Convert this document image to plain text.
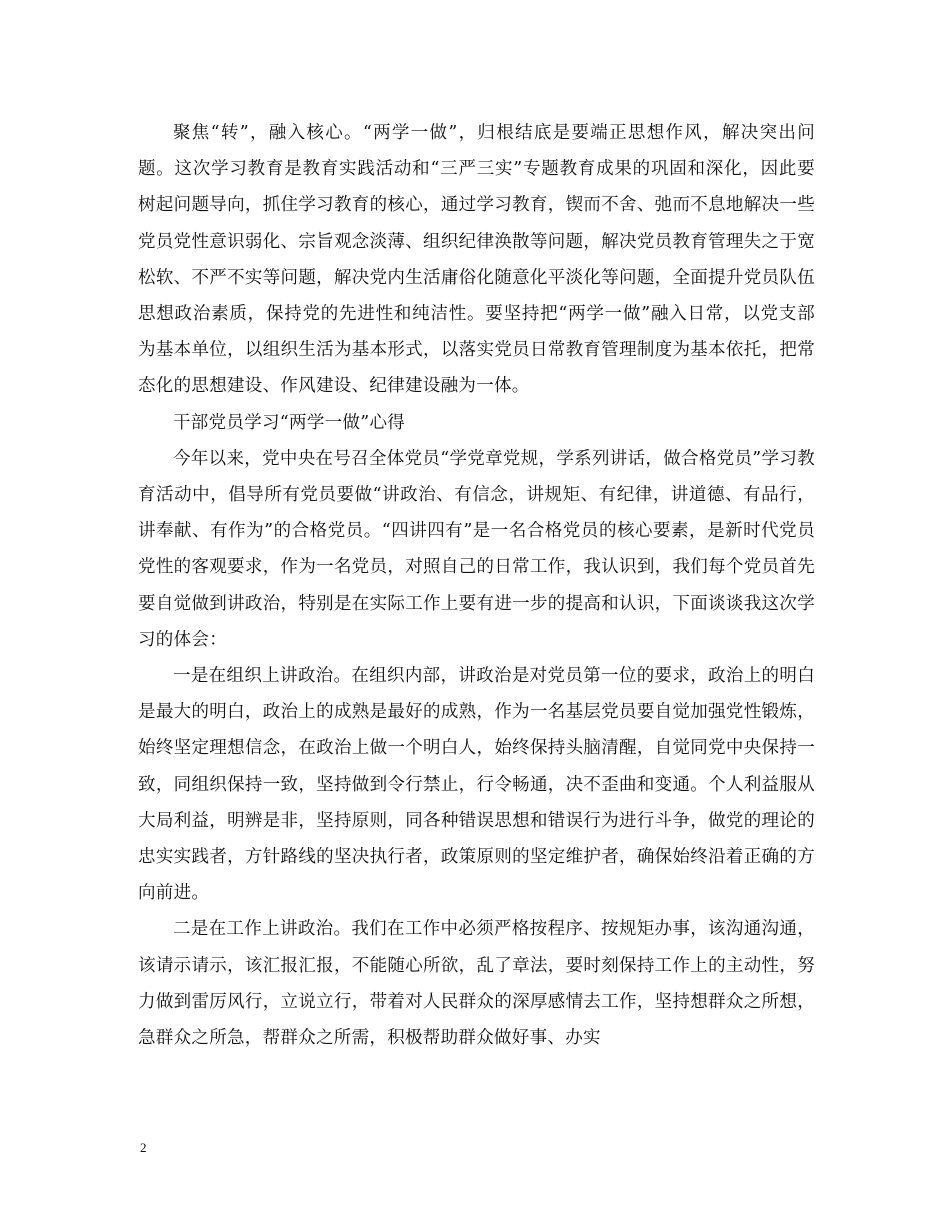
聚焦“转”，融入核心。“两学一做”，归根结底是要端正思想作风，解决突出问题。这次学习教育是教育实践活动和“三严三实”专题教育成果的巩固和深化，因此要树起问题导向，抓住学习教育的核心，通过学习教育，锲而不舍、弛而不息地解决一些党员党性意识弱化、宗旨观念淡薄、组织纪律涣散等问题，解决党员教育管理失之于宽松软、不严不实等问题，解决党内生活庸俗化随意化平淡化等问题，全面提升党员队伍思想政治素质，保持党的先进性和纯洁性。要坚持把“两学一做”融入日常，以党支部为基本单位，以组织生活为基本形式，以落实党员日常教育管理制度为基本依托，把常态化的思想建设、作风建设、纪律建设融为一体。

干部党员学习“两学一做”心得

今年以来，党中央在号召全体党员“学党章党规，学系列讲话，做合格党员”学习教育活动中，倡导所有党员要做“讲政治、有信念，讲规矩、有纪律，讲道德、有品行，讲奉献、有作为”的合格党员。“四讲四有”是一名合格党员的核心要素，是新时代党员党性的客观要求，作为一名党员，对照自己的日常工作，我认识到，我们每个党员首先要自觉做到讲政治，特别是在实际工作上要有进一步的提高和认识，下面谈谈我这次学习的体会：

一是在组织上讲政治。在组织内部，讲政治是对党员第一位的要求，政治上的明白是最大的明白，政治上的成熟是最好的成熟，作为一名基层党员要自觉加强党性锻炼，始终坚定理想信念，在政治上做一个明白人，始终保持头脑清醒，自觉同党中央保持一致，同组织保持一致，坚持做到令行禁止，行令畅通，决不歪曲和变通。个人利益服从大局利益，明辨是非，坚持原则，同各种错误思想和错误行为进行斗争，做党的理论的忠实实践者，方针路线的坚决执行者，政策原则的坚定维护者，确保始终沿着正确的方向前进。

二是在工作上讲政治。我们在工作中必须严格按程序、按规矩办事，该沟通沟通，该请示请示，该汇报汇报，不能随心所欲，乱了章法，要时刻保持工作上的主动性，努力做到雷厉风行，立说立行，带着对人民群众的深厚感情去工作，坚持想群众之所想，急群众之所急，帮群众之所需，积极帮助群众做好事、办实

2
